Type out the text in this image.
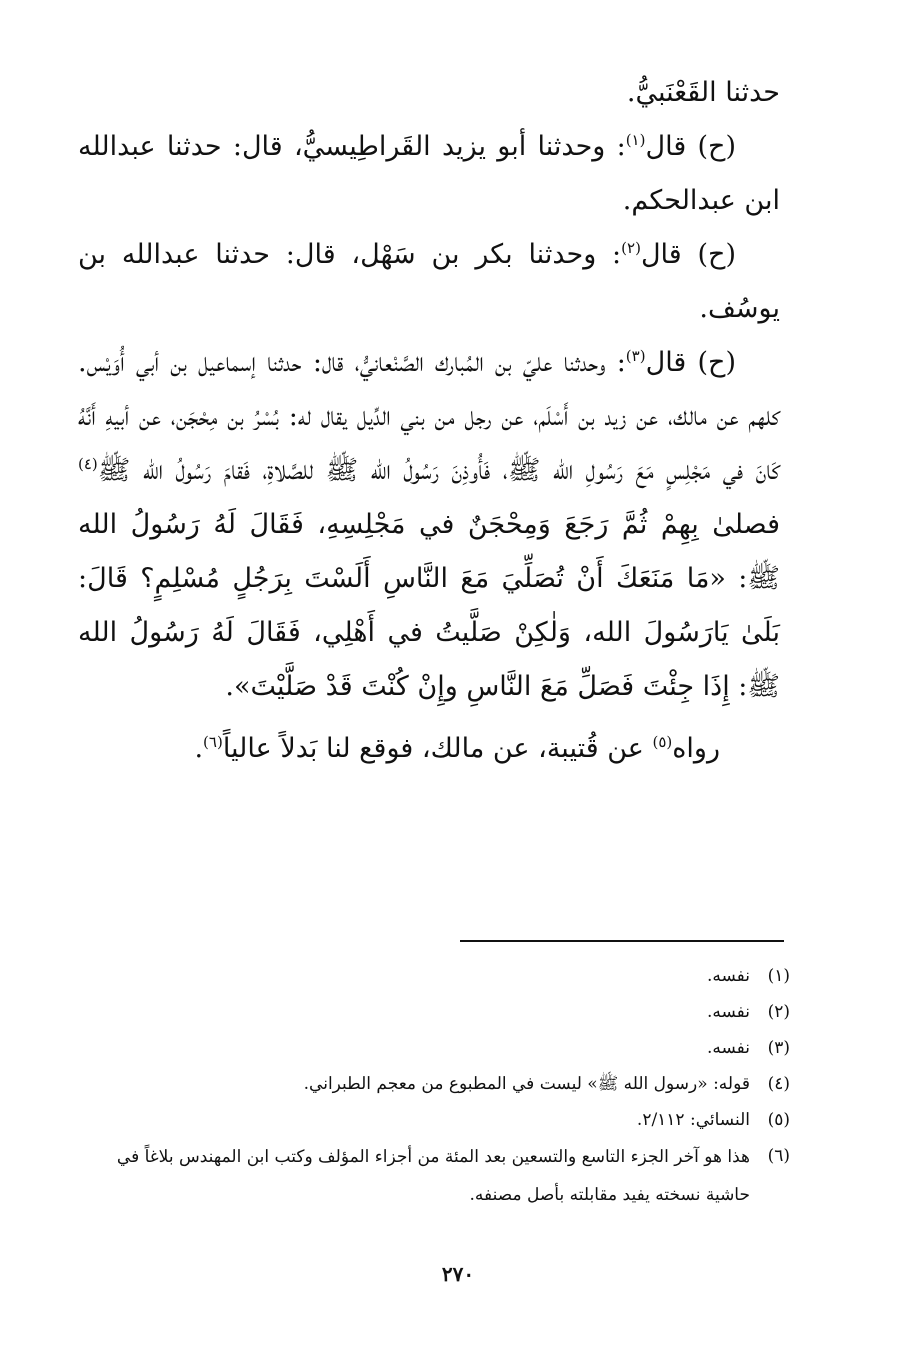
حدثنا القَعْنَبيُّ.

(ح) قال$^{(١)}$: وحدثنا أبو يزيد القَراطِيسيُّ، قال: حدثنا عبدالله ابن عبدالحكم.

(ح) قال$^{(٢)}$: وحدثنا بكر بن سَهْل، قال: حدثنا عبدالله بن يوسُف.

(ح) قال$^{(٣)}$: وحدثنا عليّ بن المُبارك الصَّنْعانيُّ، قال: حدثنا إسماعيل بن أبي أُوَيْس. كلهم عن مالك، عن زيد بن أَسْلَم، عن رجل من بني الدِّيل يقال له: بُسْرُ بن مِحْجَن، عن أبيهِ أَنَّهُ كَانَ في مَجْلِسٍ مَعَ رَسُولِ الله ﷺ، فَأُوذِنَ رَسُولُ الله ﷺ للصَّلاةِ، فَقامَ رَسُولُ الله ﷺ$^{(٤)}$ فصلىٰ بِهِمْ ثُمَّ رَجَعَ وَمِحْجَنٌ في مَجْلِسِهِ، فَقَالَ لَهُ رَسُولُ الله ﷺ: «مَا مَنَعَكَ أَنْ تُصَلِّيَ مَعَ النَّاسِ أَلَسْتَ بِرَجُلٍ مُسْلِمٍ؟ قَالَ: بَلَىٰ يَارَسُولَ الله، وَلٰكِنْ صَلَّيتُ في أَهْلِي، فَقَالَ لَهُ رَسُولُ الله ﷺ: إِذَا جِئْتَ فَصَلِّ مَعَ النَّاسِ وإِنْ كُنْتَ قَدْ صَلَّيْتَ».

رواه$^{(٥)}$ عن قُتيبة، عن مالك، فوقع لنا بَدلاً عالياً$^{(٦)}$.

(١)
نفسه.
(٢)
نفسه.
(٣)
نفسه.
(٤)
قوله: «رسول الله ﷺ» ليست في المطبوع من معجم الطبراني.
(٥)
النسائي: ٢/١١٢.
(٦)
هذا هو آخر الجزء التاسع والتسعين بعد المئة من أجزاء المؤلف وكتب ابن المهندس بلاغاً في حاشية نسخته يفيد مقابلته بأصل مصنفه.
٢٧٠
